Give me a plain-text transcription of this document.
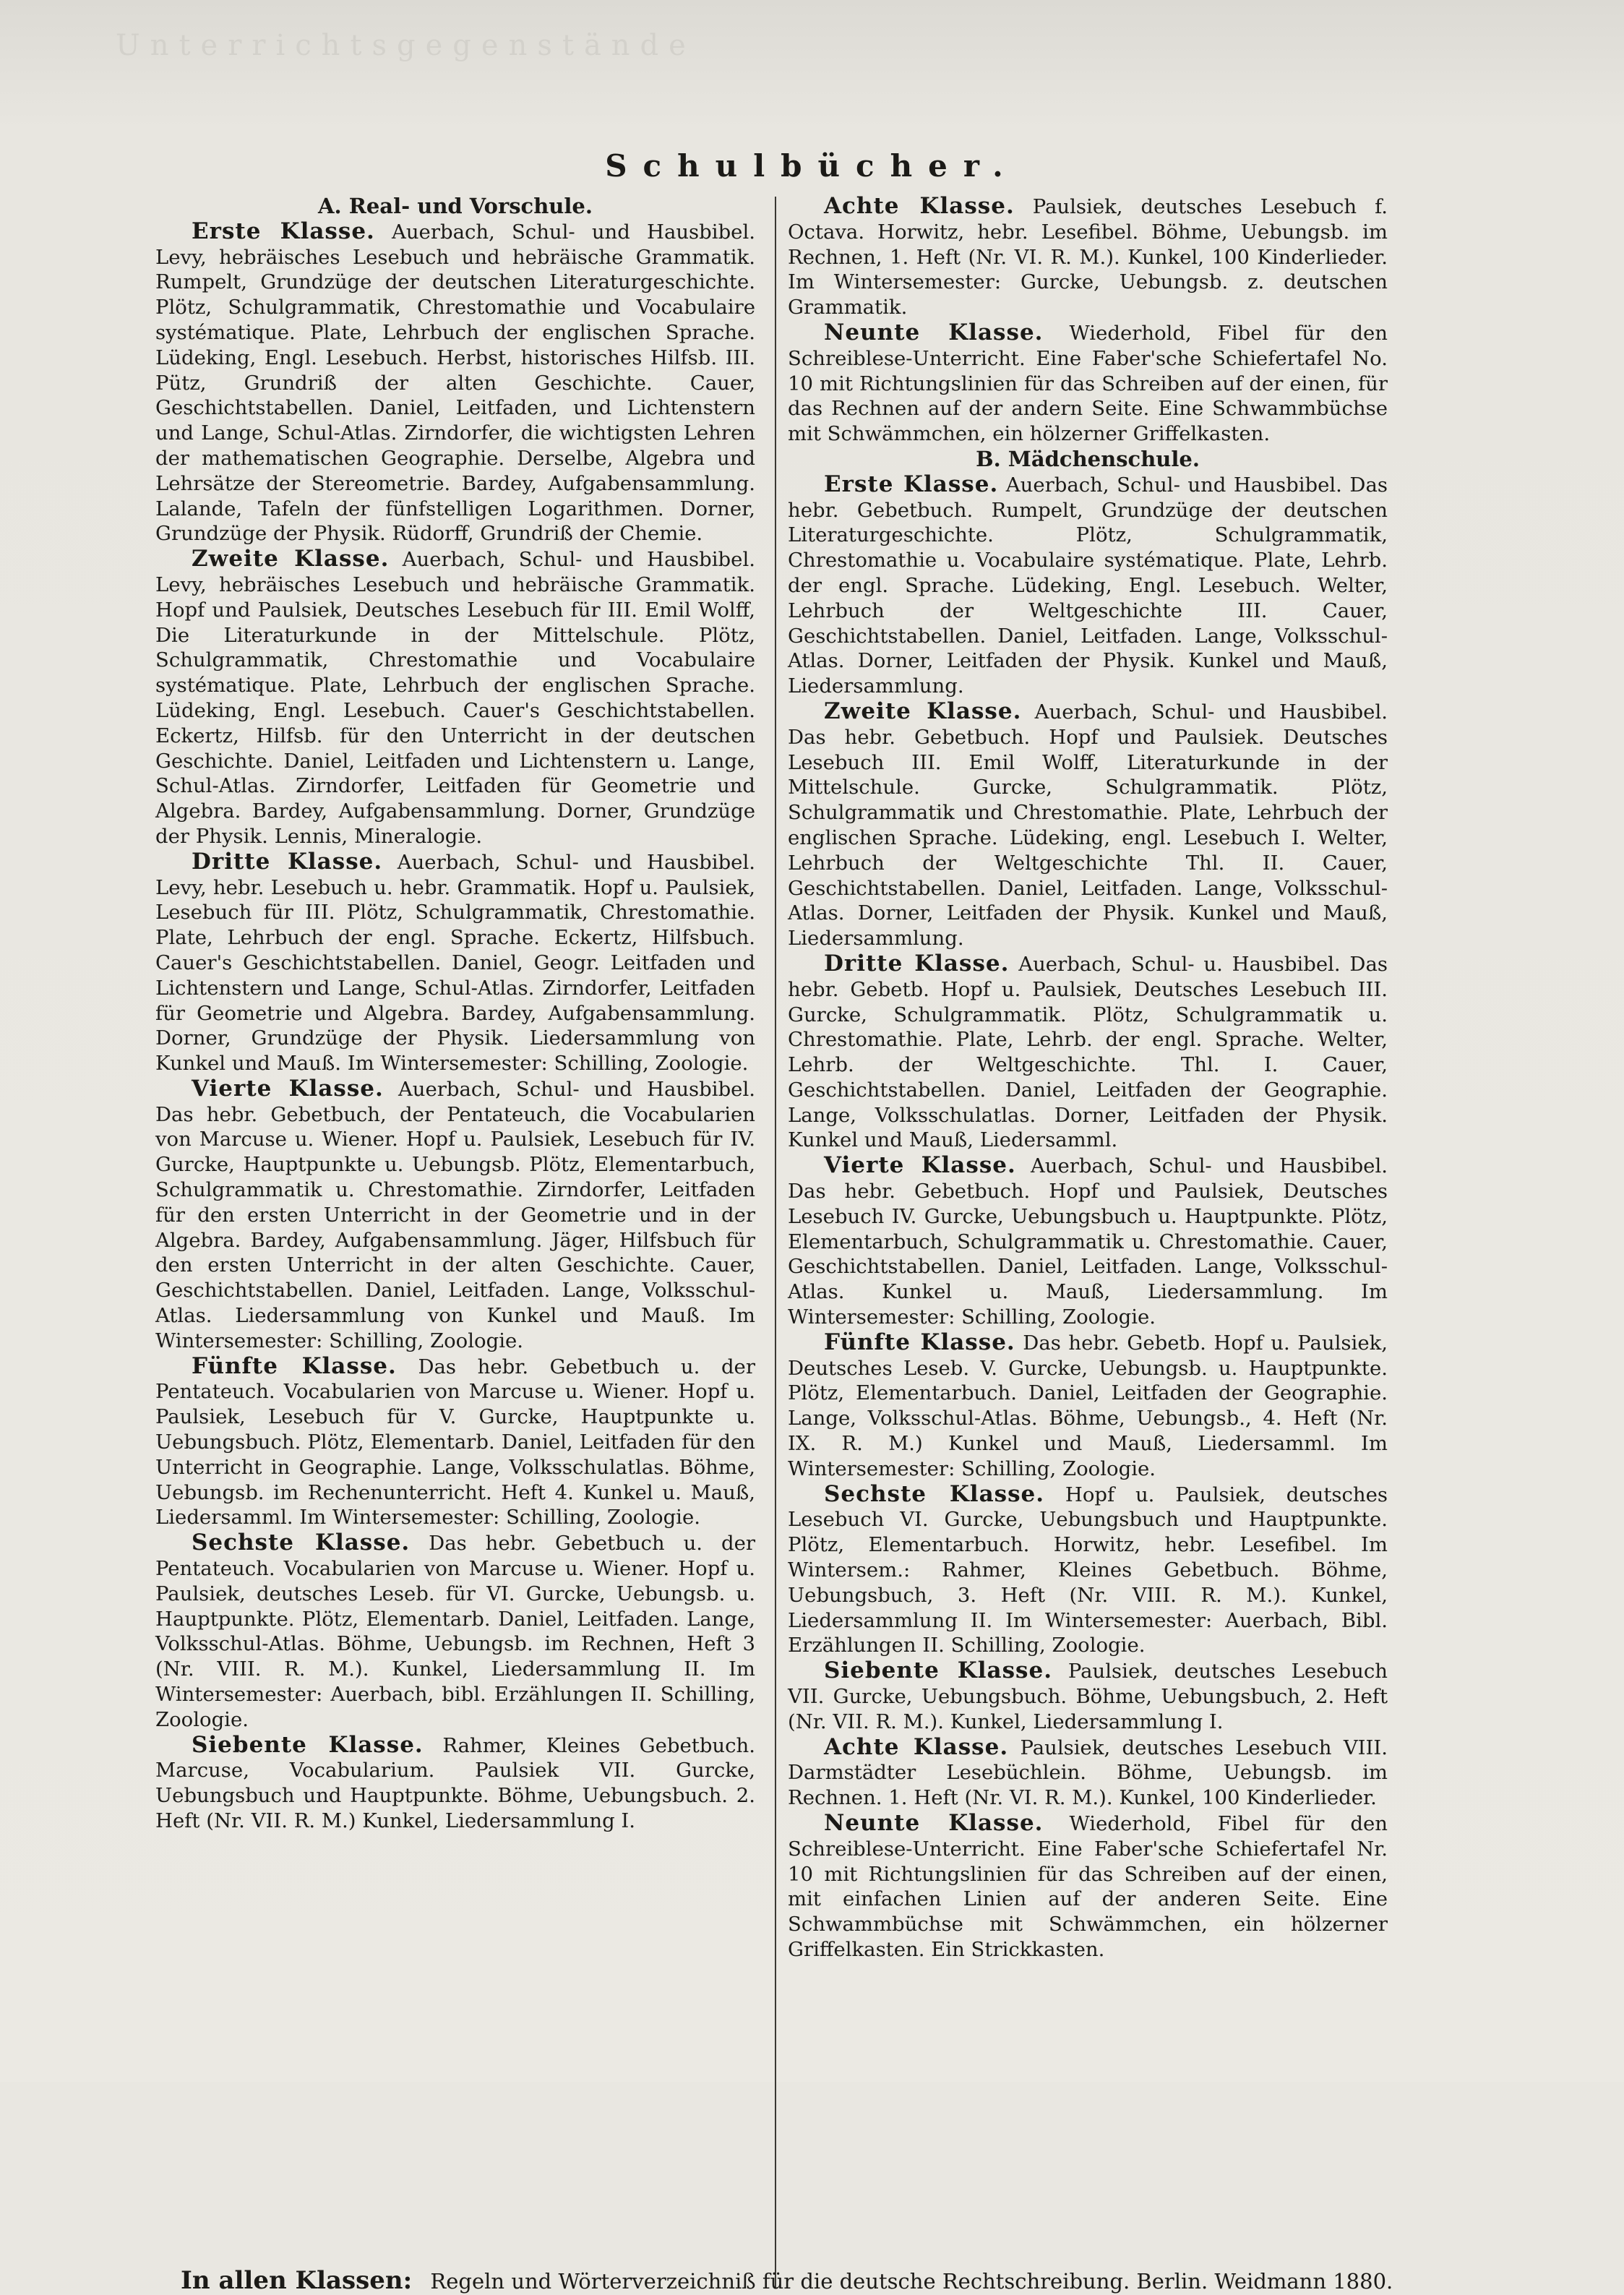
Unterrichtsgegenstände
Schulbücher.

A. Real- und Vorschule.

Erste Klasse. Auerbach, Schul- und Hausbibel. Levy, hebräisches Lesebuch und hebräische Grammatik. Rumpelt, Grundzüge der deutschen Literaturgeschichte. Plötz, Schulgrammatik, Chrestomathie und Vocabulaire systématique. Plate, Lehrbuch der englischen Sprache. Lüdeking, Engl. Lesebuch. Herbst, historisches Hilfsb. III. Pütz, Grundriß der alten Geschichte. Cauer, Geschichtstabellen. Daniel, Leitfaden, und Lichtenstern und Lange, Schul-Atlas. Zirndorfer, die wichtigsten Lehren der mathematischen Geographie. Derselbe, Algebra und Lehrsätze der Stereometrie. Bardey, Aufgabensammlung. Lalande, Tafeln der fünfstelligen Logarithmen. Dorner, Grundzüge der Physik. Rüdorff, Grundriß der Chemie.

Zweite Klasse. Auerbach, Schul- und Hausbibel. Levy, hebräisches Lesebuch und hebräische Grammatik. Hopf und Paulsiek, Deutsches Lesebuch für III. Emil Wolff, Die Literaturkunde in der Mittelschule. Plötz, Schulgrammatik, Chrestomathie und Vocabulaire systématique. Plate, Lehrbuch der englischen Sprache. Lüdeking, Engl. Lesebuch. Cauer's Geschichtstabellen. Eckertz, Hilfsb. für den Unterricht in der deutschen Geschichte. Daniel, Leitfaden und Lichtenstern u. Lange, Schul-Atlas. Zirndorfer, Leitfaden für Geometrie und Algebra. Bardey, Aufgabensammlung. Dorner, Grundzüge der Physik. Lennis, Mineralogie.

Dritte Klasse. Auerbach, Schul- und Hausbibel. Levy, hebr. Lesebuch u. hebr. Grammatik. Hopf u. Paulsiek, Lesebuch für III. Plötz, Schulgrammatik, Chrestomathie. Plate, Lehrbuch der engl. Sprache. Eckertz, Hilfsbuch. Cauer's Geschichtstabellen. Daniel, Geogr. Leitfaden und Lichtenstern und Lange, Schul-Atlas. Zirndorfer, Leitfaden für Geometrie und Algebra. Bardey, Aufgabensammlung. Dorner, Grundzüge der Physik. Liedersammlung von Kunkel und Mauß. Im Wintersemester: Schilling, Zoologie.

Vierte Klasse. Auerbach, Schul- und Hausbibel. Das hebr. Gebetbuch, der Pentateuch, die Vocabularien von Marcuse u. Wiener. Hopf u. Paulsiek, Lesebuch für IV. Gurcke, Hauptpunkte u. Uebungsb. Plötz, Elementarbuch, Schulgrammatik u. Chrestomathie. Zirndorfer, Leitfaden für den ersten Unterricht in der Geometrie und in der Algebra. Bardey, Aufgabensammlung. Jäger, Hilfsbuch für den ersten Unterricht in der alten Geschichte. Cauer, Geschichtstabellen. Daniel, Leitfaden. Lange, Volksschul-Atlas. Liedersammlung von Kunkel und Mauß. Im Wintersemester: Schilling, Zoologie.

Fünfte Klasse. Das hebr. Gebetbuch u. der Pentateuch. Vocabularien von Marcuse u. Wiener. Hopf u. Paulsiek, Lesebuch für V. Gurcke, Hauptpunkte u. Uebungsbuch. Plötz, Elementarb. Daniel, Leitfaden für den Unterricht in Geographie. Lange, Volksschulatlas. Böhme, Uebungsb. im Rechenunterricht. Heft 4. Kunkel u. Mauß, Liedersamml. Im Wintersemester: Schilling, Zoologie.

Sechste Klasse. Das hebr. Gebetbuch u. der Pentateuch. Vocabularien von Marcuse u. Wiener. Hopf u. Paulsiek, deutsches Leseb. für VI. Gurcke, Uebungsb. u. Hauptpunkte. Plötz, Elementarb. Daniel, Leitfaden. Lange, Volksschul-Atlas. Böhme, Uebungsb. im Rechnen, Heft 3 (Nr. VIII. R. M.). Kunkel, Liedersammlung II. Im Wintersemester: Auerbach, bibl. Erzählungen II. Schilling, Zoologie.

Siebente Klasse. Rahmer, Kleines Gebetbuch. Marcuse, Vocabularium. Paulsiek VII. Gurcke, Uebungsbuch und Hauptpunkte. Böhme, Uebungsbuch. 2. Heft (Nr. VII. R. M.) Kunkel, Liedersammlung I.

Achte Klasse. Paulsiek, deutsches Lesebuch f. Octava. Horwitz, hebr. Lesefibel. Böhme, Uebungsb. im Rechnen, 1. Heft (Nr. VI. R. M.). Kunkel, 100 Kinderlieder. Im Wintersemester: Gurcke, Uebungsb. z. deutschen Grammatik.

Neunte Klasse. Wiederhold, Fibel für den Schreiblese-Unterricht. Eine Faber'sche Schiefertafel No. 10 mit Richtungslinien für das Schreiben auf der einen, für das Rechnen auf der andern Seite. Eine Schwammbüchse mit Schwämmchen, ein hölzerner Griffelkasten.

B. Mädchenschule.

Erste Klasse. Auerbach, Schul- und Hausbibel. Das hebr. Gebetbuch. Rumpelt, Grundzüge der deutschen Literaturgeschichte. Plötz, Schulgrammatik, Chrestomathie u. Vocabulaire systématique. Plate, Lehrb. der engl. Sprache. Lüdeking, Engl. Lesebuch. Welter, Lehrbuch der Weltgeschichte III. Cauer, Geschichtstabellen. Daniel, Leitfaden. Lange, Volksschul-Atlas. Dorner, Leitfaden der Physik. Kunkel und Mauß, Liedersammlung.

Zweite Klasse. Auerbach, Schul- und Hausbibel. Das hebr. Gebetbuch. Hopf und Paulsiek. Deutsches Lesebuch III. Emil Wolff, Literaturkunde in der Mittelschule. Gurcke, Schulgrammatik. Plötz, Schulgrammatik und Chrestomathie. Plate, Lehrbuch der englischen Sprache. Lüdeking, engl. Lesebuch I. Welter, Lehrbuch der Weltgeschichte Thl. II. Cauer, Geschichtstabellen. Daniel, Leitfaden. Lange, Volksschul-Atlas. Dorner, Leitfaden der Physik. Kunkel und Mauß, Liedersammlung.

Dritte Klasse. Auerbach, Schul- u. Hausbibel. Das hebr. Gebetb. Hopf u. Paulsiek, Deutsches Lesebuch III. Gurcke, Schulgrammatik. Plötz, Schulgrammatik u. Chrestomathie. Plate, Lehrb. der engl. Sprache. Welter, Lehrb. der Weltgeschichte. Thl. I. Cauer, Geschichtstabellen. Daniel, Leitfaden der Geographie. Lange, Volksschulatlas. Dorner, Leitfaden der Physik. Kunkel und Mauß, Liedersamml.

Vierte Klasse. Auerbach, Schul- und Hausbibel. Das hebr. Gebetbuch. Hopf und Paulsiek, Deutsches Lesebuch IV. Gurcke, Uebungsbuch u. Hauptpunkte. Plötz, Elementarbuch, Schulgrammatik u. Chrestomathie. Cauer, Geschichtstabellen. Daniel, Leitfaden. Lange, Volksschul-Atlas. Kunkel u. Mauß, Liedersammlung. Im Wintersemester: Schilling, Zoologie.

Fünfte Klasse. Das hebr. Gebetb. Hopf u. Paulsiek, Deutsches Leseb. V. Gurcke, Uebungsb. u. Hauptpunkte. Plötz, Elementarbuch. Daniel, Leitfaden der Geographie. Lange, Volksschul-Atlas. Böhme, Uebungsb., 4. Heft (Nr. IX. R. M.) Kunkel und Mauß, Liedersamml. Im Wintersemester: Schilling, Zoologie.

Sechste Klasse. Hopf u. Paulsiek, deutsches Lesebuch VI. Gurcke, Uebungsbuch und Hauptpunkte. Plötz, Elementarbuch. Horwitz, hebr. Lesefibel. Im Wintersem.: Rahmer, Kleines Gebetbuch. Böhme, Uebungsbuch, 3. Heft (Nr. VIII. R. M.). Kunkel, Liedersammlung II. Im Wintersemester: Auerbach, Bibl. Erzählungen II. Schilling, Zoologie.

Siebente Klasse. Paulsiek, deutsches Lesebuch VII. Gurcke, Uebungsbuch. Böhme, Uebungsbuch, 2. Heft (Nr. VII. R. M.). Kunkel, Liedersammlung I.

Achte Klasse. Paulsiek, deutsches Lesebuch VIII. Darmstädter Lesebüchlein. Böhme, Uebungsb. im Rechnen. 1. Heft (Nr. VI. R. M.). Kunkel, 100 Kinderlieder.

Neunte Klasse. Wiederhold, Fibel für den Schreiblese-Unterricht. Eine Faber'sche Schiefertafel Nr. 10 mit Richtungslinien für das Schreiben auf der einen, mit einfachen Linien auf der anderen Seite. Eine Schwammbüchse mit Schwämmchen, ein hölzerner Griffelkasten. Ein Strickkasten.

In allen Klassen: Regeln und Wörterverzeichniß für die deutsche Rechtschreibung. Berlin. Weidmann 1880.
